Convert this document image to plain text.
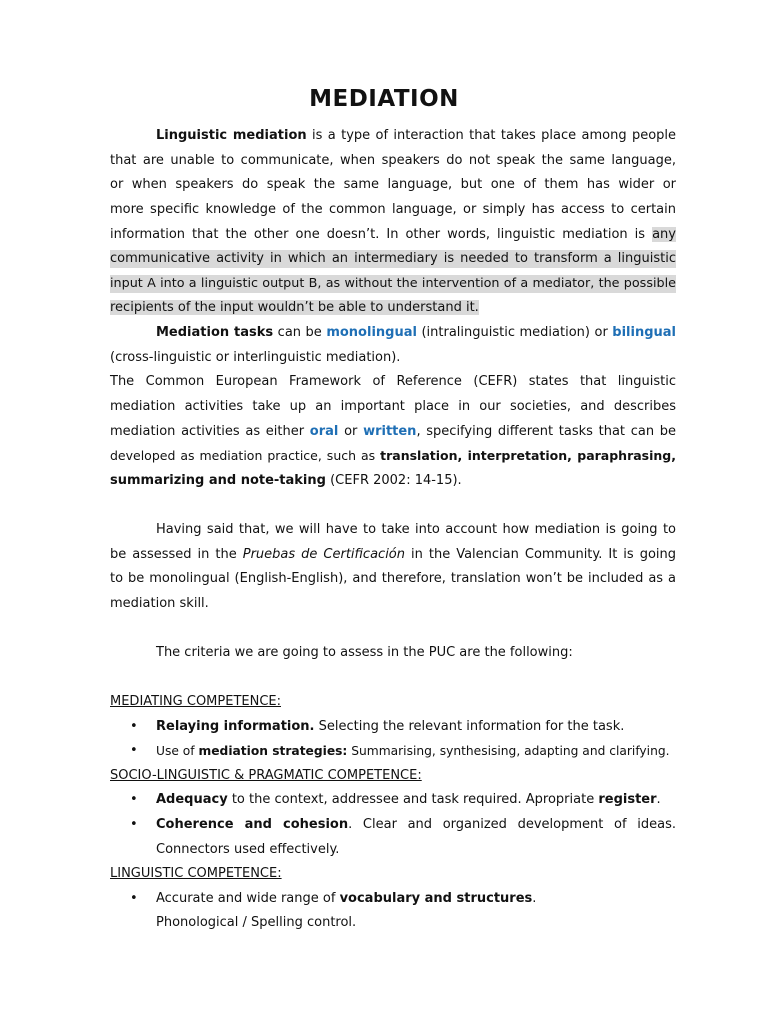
MEDIATION
Linguistic mediation is a type of interaction that takes place among people
that are unable to communicate, when speakers do not speak the same language,
or when speakers do speak the same language, but one of them has wider or
more specific knowledge of the common language, or simply has access to certain
information that the other one doesn’t. In other words, linguistic mediation is any
communicative activity in which an intermediary is needed to transform a linguistic
input A into a linguistic output B, as without the intervention of a mediator, the possible
recipients of the input wouldn’t be able to understand it.
Mediation tasks can be monolingual (intralinguistic mediation) or bilingual
(cross-linguistic or interlinguistic mediation).
The Common European Framework of Reference (CEFR) states that linguistic
mediation activities take up an important place in our societies, and describes
mediation activities as either oral or written, specifying different tasks that can be
developed as mediation practice, such as translation, interpretation, paraphrasing,
summarizing and note-taking (CEFR 2002: 14-15).
Having said that, we will have to take into account how mediation is going to
be assessed in the Pruebas de Certificación in the Valencian Community. It is going
to be monolingual (English-English), and therefore, translation won’t be included as a
mediation skill.
The criteria we are going to assess in the PUC are the following:
MEDIATING COMPETENCE:
• Relaying information. Selecting the relevant information for the task.
• Use of mediation strategies: Summarising, synthesising, adapting and clarifying.
SOCIO-LINGUISTIC & PRAGMATIC COMPETENCE:
• Adequacy to the context, addressee and task required. Apropriate register.
• Coherence and cohesion. Clear and organized development of ideas.
Connectors used effectively.
LINGUISTIC COMPETENCE:
• Accurate and wide range of vocabulary and structures.
Phonological / Spelling control.
